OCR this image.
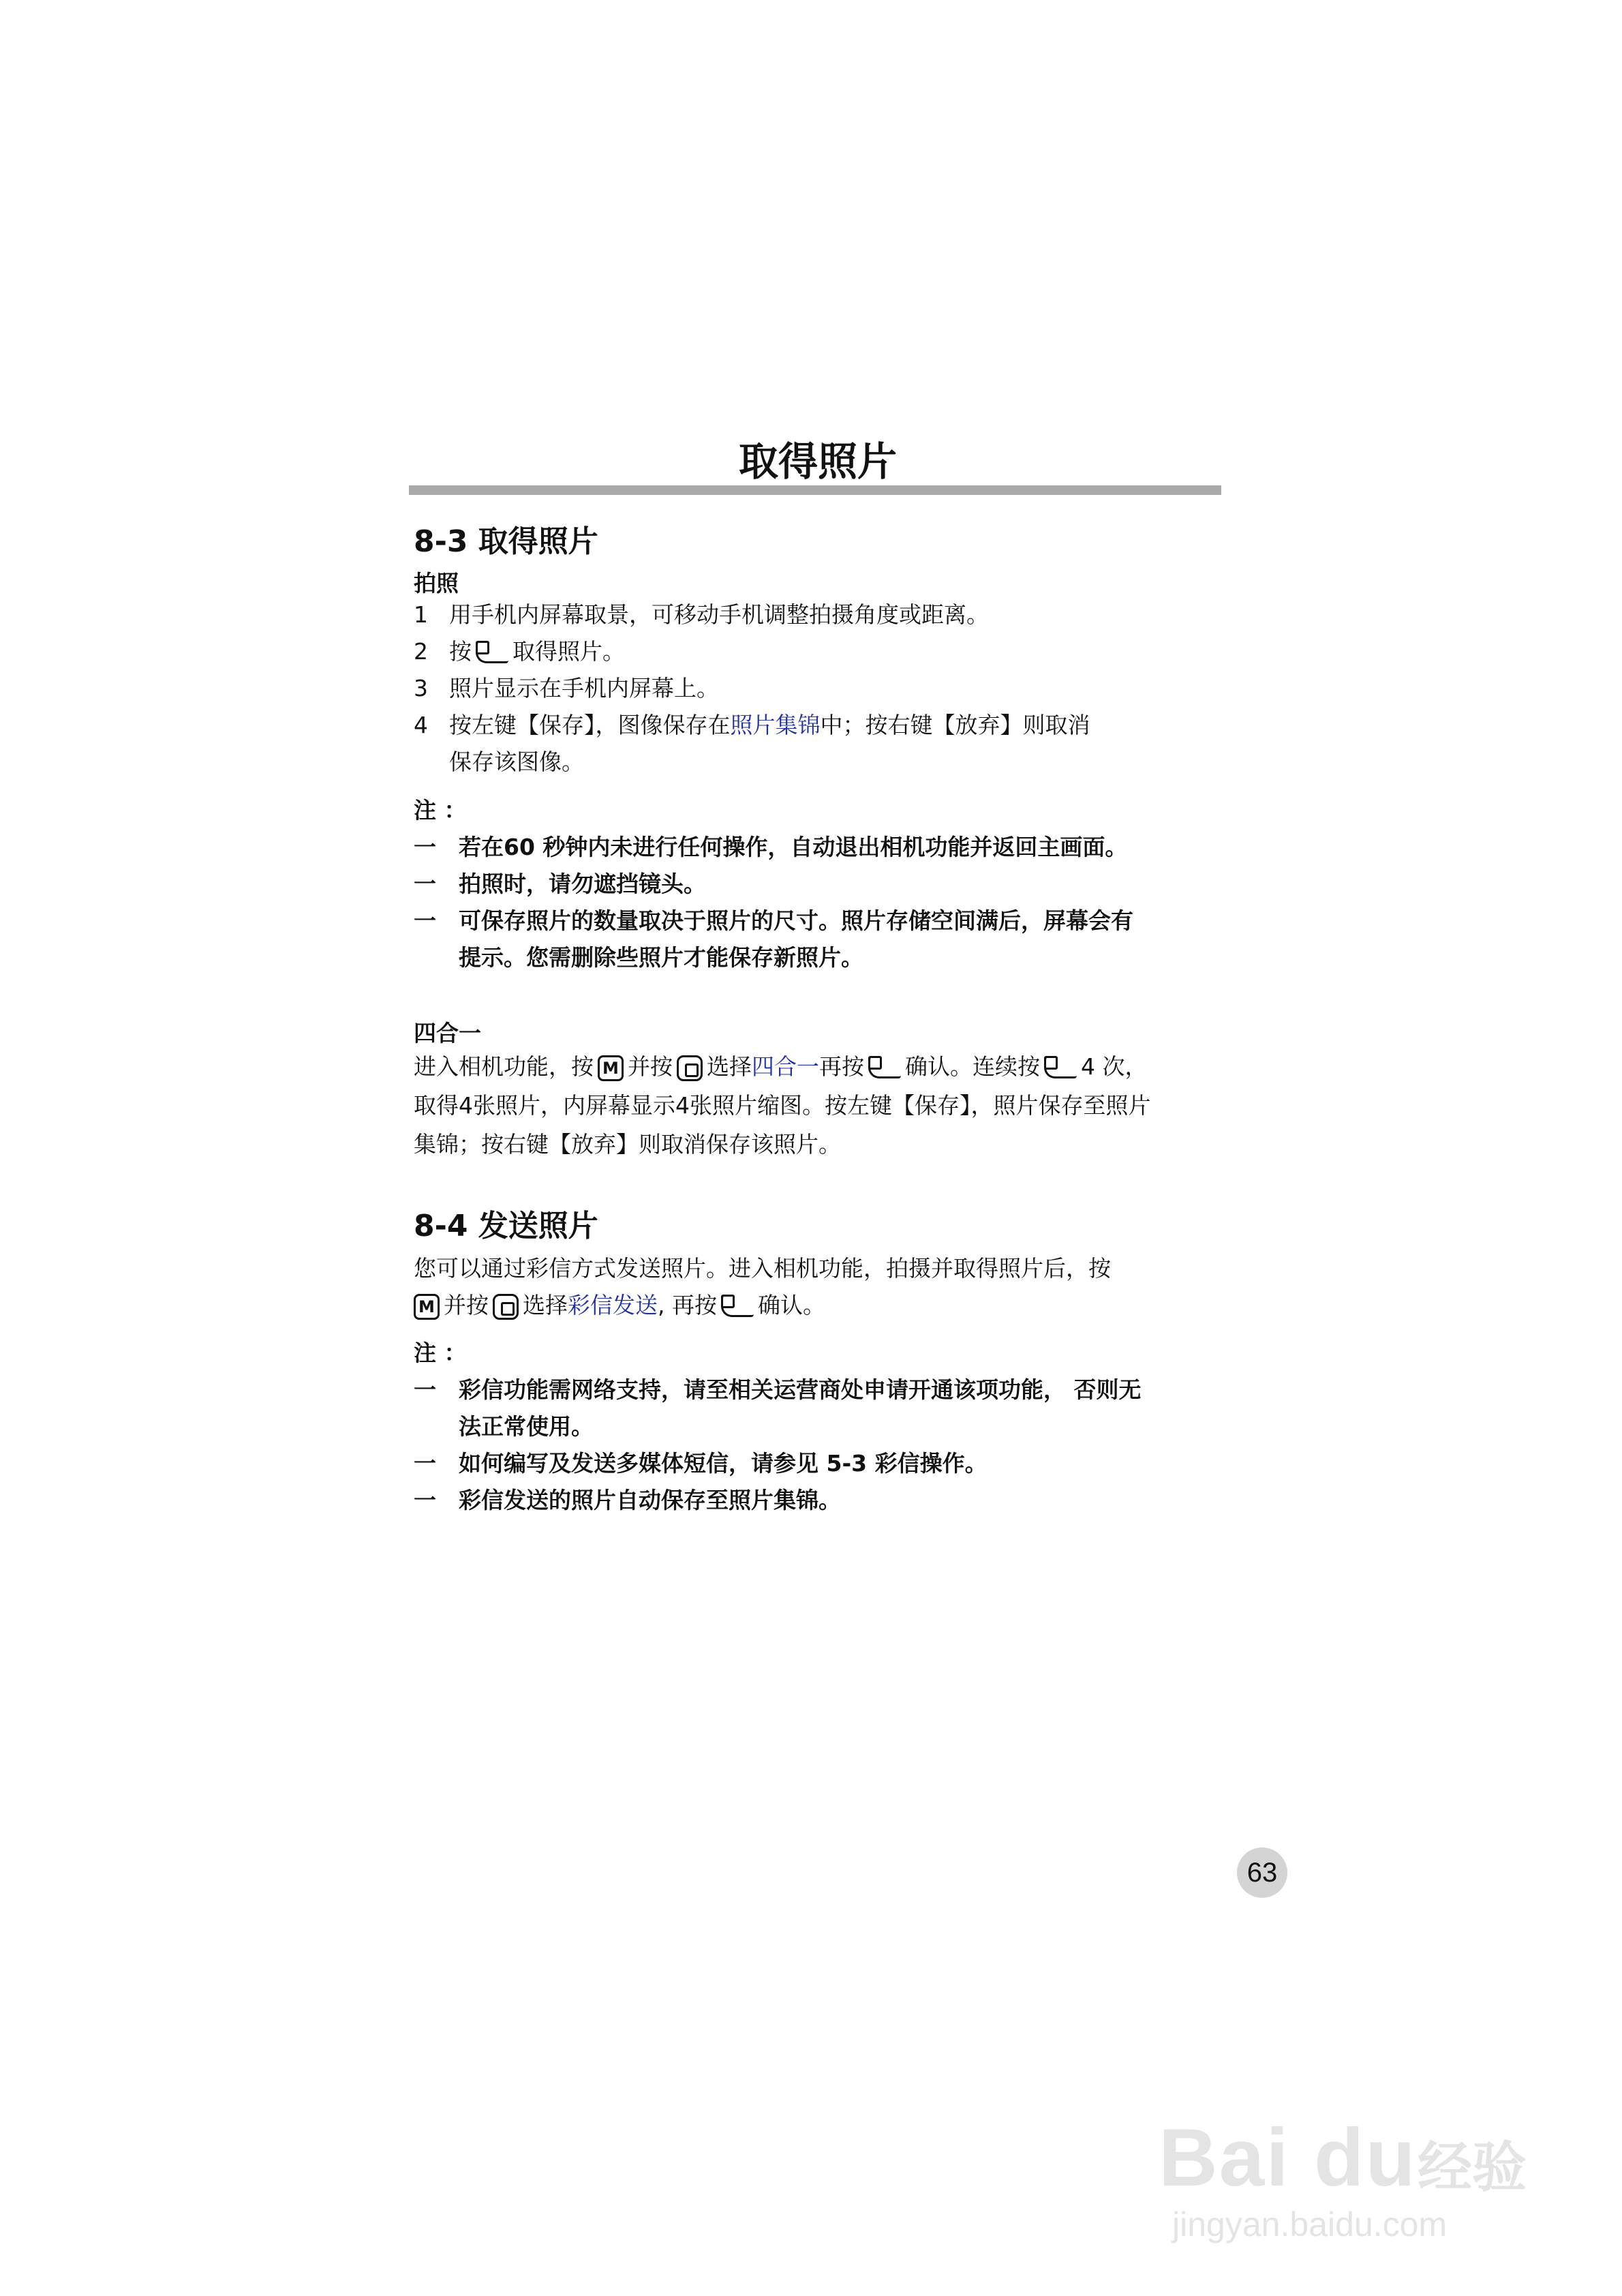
取得照片
8-3 取得照片
拍照
1 用手机内屏幕取景，可移动手机调整拍摄角度或距离。
2 按 取得照片。
3 照片显示在手机内屏幕上。
4 按左键【保存】，图像保存在照片集锦中；按右键【放弃】则取消
保存该图像。
注 ：
一 若在60 秒钟内未进行任何操作，自动退出相机功能并返回主画面。
一 拍照时，请勿遮挡镜头。
一 可保存照片的数量取决于照片的尺寸。照片存储空间满后，屏幕会有
提示。您需删除些照片才能保存新照片。
四合一
进入相机功能，按M 并按 选择四合一再按 确认。连续按 4 次，
取得4张照片，内屏幕显示4张照片缩图。按左键【保存】，照片保存至照片
集锦；按右键【放弃】则取消保存该照片。
8-4 发送照片
您可以通过彩信方式发送照片。进入相机功能，拍摄并取得照片后，按
M并按 选择彩信发送, 再按 确认。
注 ：
一 彩信功能需网络支持，请至相关运营商处申请开通该项功能， 否则无
法正常使用。
一 如何编写及发送多媒体短信，请参见 5-3 彩信操作。
一 彩信发送的照片自动保存至照片集锦。
63
Bai du 经验
jingyan.baidu.com
